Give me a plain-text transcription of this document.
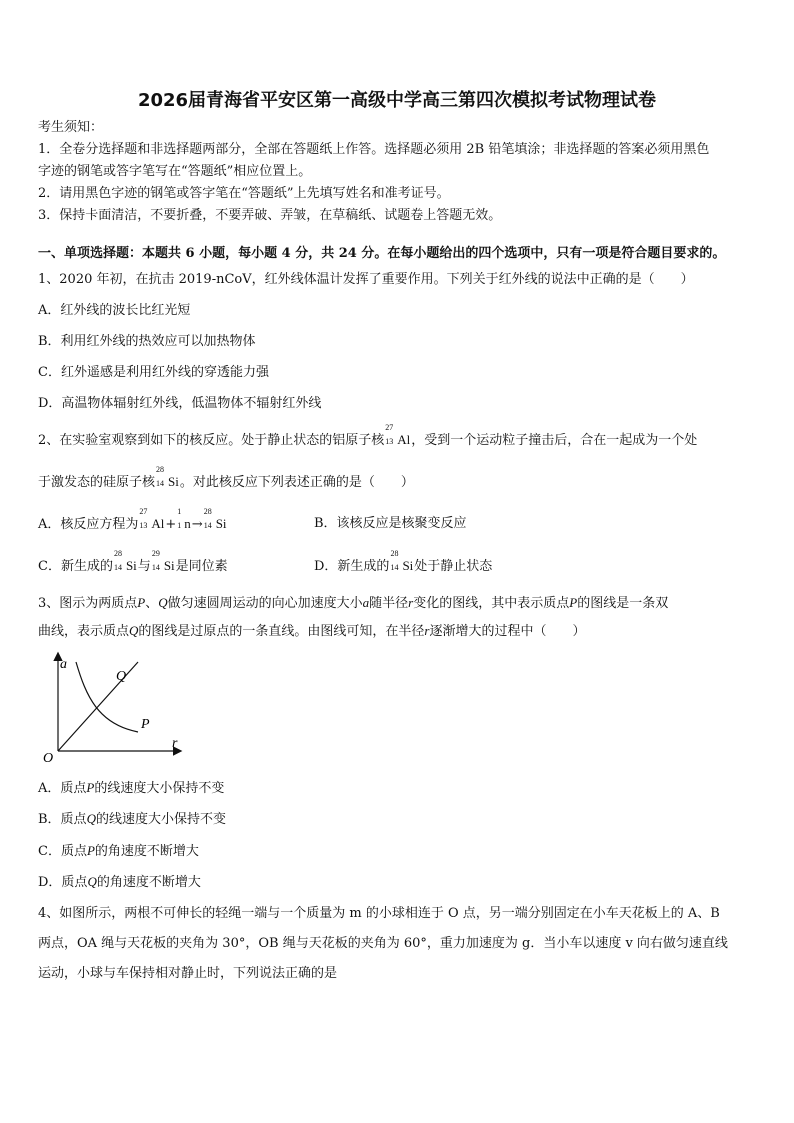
2026届青海省平安区第一高级中学高三第四次模拟考试物理试卷
考生须知：
1．全卷分选择题和非选择题两部分，全部在答题纸上作答。选择题必须用 2B 铅笔填涂；非选择题的答案必须用黑色
字迹的钢笔或答字笔写在“答题纸”相应位置上。
2．请用黑色字迹的钢笔或答字笔在“答题纸”上先填写姓名和准考证号。
3．保持卡面清洁，不要折叠，不要弄破、弄皱，在草稿纸、试题卷上答题无效。
一、单项选择题：本题共 6 小题，每小题 4 分，共 24 分。在每小题给出的四个选项中，只有一项是符合题目要求的。
1、2020 年初，在抗击 2019-nCoV，红外线体温计发挥了重要作用。下列关于红外线的说法中正确的是（　　）
A．红外线的波长比红光短
B．利用红外线的热效应可以加热物体
C．红外遥感是利用红外线的穿透能力强
D．高温物体辐射红外线，低温物体不辐射红外线
2、在实验室观察到如下的核反应。处于静止状态的铝原子核
27
13 Al，受到一个运动粒子撞击后，合在一起成为一个处
于激发态的硅原子核
28
14 Si。对此核反应下列表述正确的是（　　）
A．核反应方程为
27
13 Al+
1
1 n→
28
14 Si	B．该核反应是核聚变反应
C．新生成的
28
14 Si与
29
14 Si是同位素	D．新生成的
28
14 Si处于静止状态
3、图示为两质点P、Q做匀速圆周运动的向心加速度大小a随半径r变化的图线，其中表示质点P的图线是一条双
曲线，表示质点Q的图线是过原点的一条直线。由图线可知，在半径r逐渐增大的过程中（　　）
a
r
O
Q
P
A．质点P的线速度大小保持不变
B．质点Q的线速度大小保持不变
C．质点P的角速度不断增大
D．质点Q的角速度不断增大
4、如图所示，两根不可伸长的轻绳一端与一个质量为 m 的小球相连于 O 点，另一端分别固定在小车天花板上的 A、B
两点，OA 绳与天花板的夹角为 30°，OB 绳与天花板的夹角为 60°，重力加速度为 g．当小车以速度 v 向右做匀速直线
运动，小球与车保持相对静止时，下列说法正确的是
